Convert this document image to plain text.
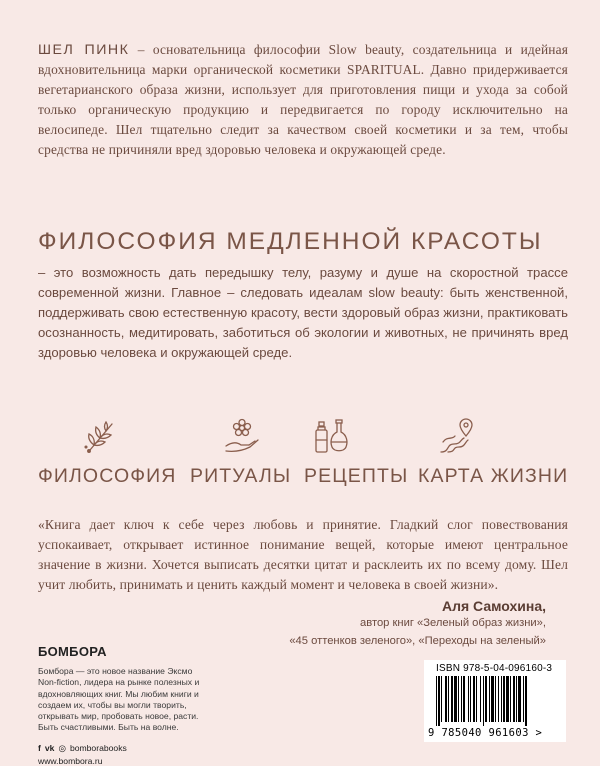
ШЕЛ ПИНК – основательница философии Slow beauty, создательница и идейная вдохновительница марки органической косметики SPARITUAL. Давно придерживается вегетарианского образа жизни, использует для приготовления пищи и ухода за собой только органическую продукцию и передвигается по городу исключительно на велосипеде. Шел тщательно следит за качеством своей косметики и за тем, чтобы средства не причиняли вред здоровью человека и окружающей среде.
ФИЛОСОФИЯ МЕДЛЕННОЙ КРАСОТЫ
– это возможность дать передышку телу, разуму и душе на скоростной трассе современной жизни. Главное – следовать идеалам slow beauty: быть женственной, поддерживать свою естественную красоту, вести здоровый образ жизни, практиковать осознанность, медитировать, заботиться об экологии и животных, не причинять вред здоровью человека и окружающей среде.
ФИЛОСОФИЯ РИТУАЛЫ РЕЦЕПТЫ КАРТА ЖИЗНИ
«Книга дает ключ к себе через любовь и принятие. Гладкий слог повествования успокаивает, открывает истинное понимание вещей, которые имеют центральное значение в жизни. Хочется выписать десятки цитат и расклеить их по всему дому. Шел учит любить, принимать и ценить каждый момент и человека в своей жизни».
Аля Самохина,
автор книг «Зеленый образ жизни»,
«45 оттенков зеленого», «Переходы на зеленый»
БОМБОРА
Бомбора — это новое название Эксмо Non-fiction, лидера на рынке полезных и вдохновляющих книг. Мы любим книги и создаем их, чтобы вы могли творить, открывать мир, пробовать новое, расти. Быть счастливыми. Быть на волне.
f vk ◎ bomborabooks
www.bombora.ru
ISBN 978-5-04-096160-3
9 785040 961603 >
